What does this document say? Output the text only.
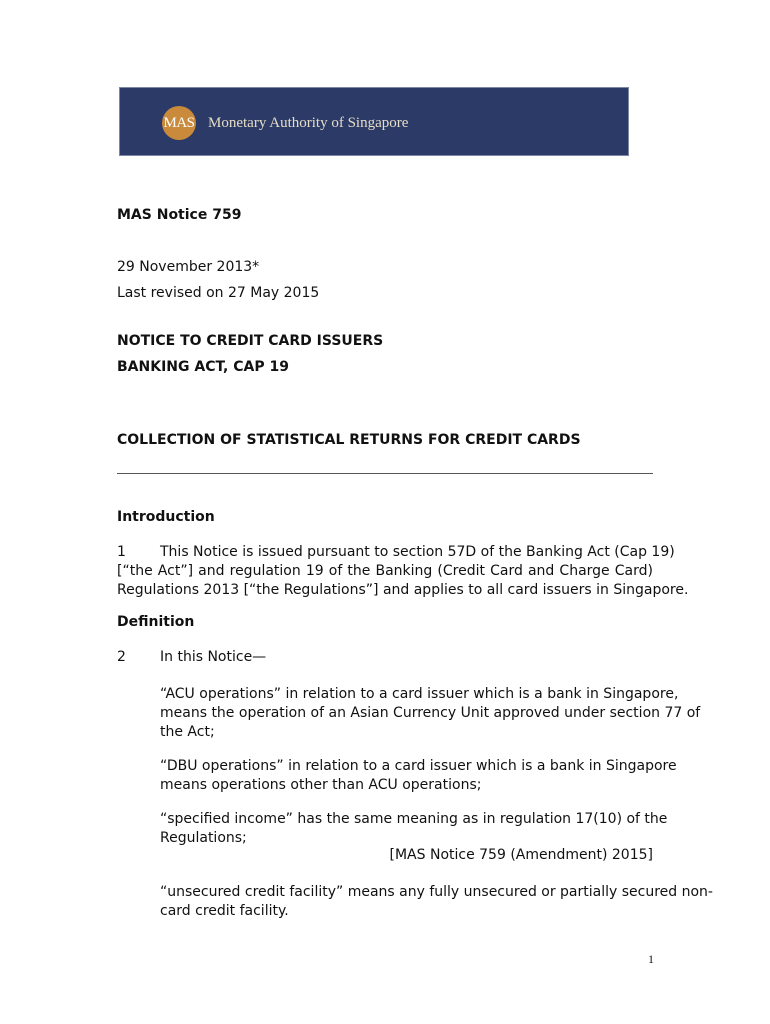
MAS Monetary Authority of Singapore
MAS Notice 759
29 November 2013*
Last revised on 27 May 2015
NOTICE TO CREDIT CARD ISSUERS
BANKING ACT, CAP 19
COLLECTION OF STATISTICAL RETURNS FOR CREDIT CARDS
Introduction
1 This Notice is issued pursuant to section 57D of the Banking Act (Cap 19)
[“the Act”] and regulation 19 of the Banking (Credit Card and Charge Card)
Regulations 2013 [“the Regulations”] and applies to all card issuers in Singapore.
Definition
2 In this Notice—
“ACU operations” in relation to a card issuer which is a bank in Singapore,
means the operation of an Asian Currency Unit approved under section 77 of
the Act;
“DBU operations” in relation to a card issuer which is a bank in Singapore
means operations other than ACU operations;
“specified income” has the same meaning as in regulation 17(10) of the
Regulations;
[MAS Notice 759 (Amendment) 2015]
“unsecured credit facility” means any fully unsecured or partially secured non-
card credit facility.
1
